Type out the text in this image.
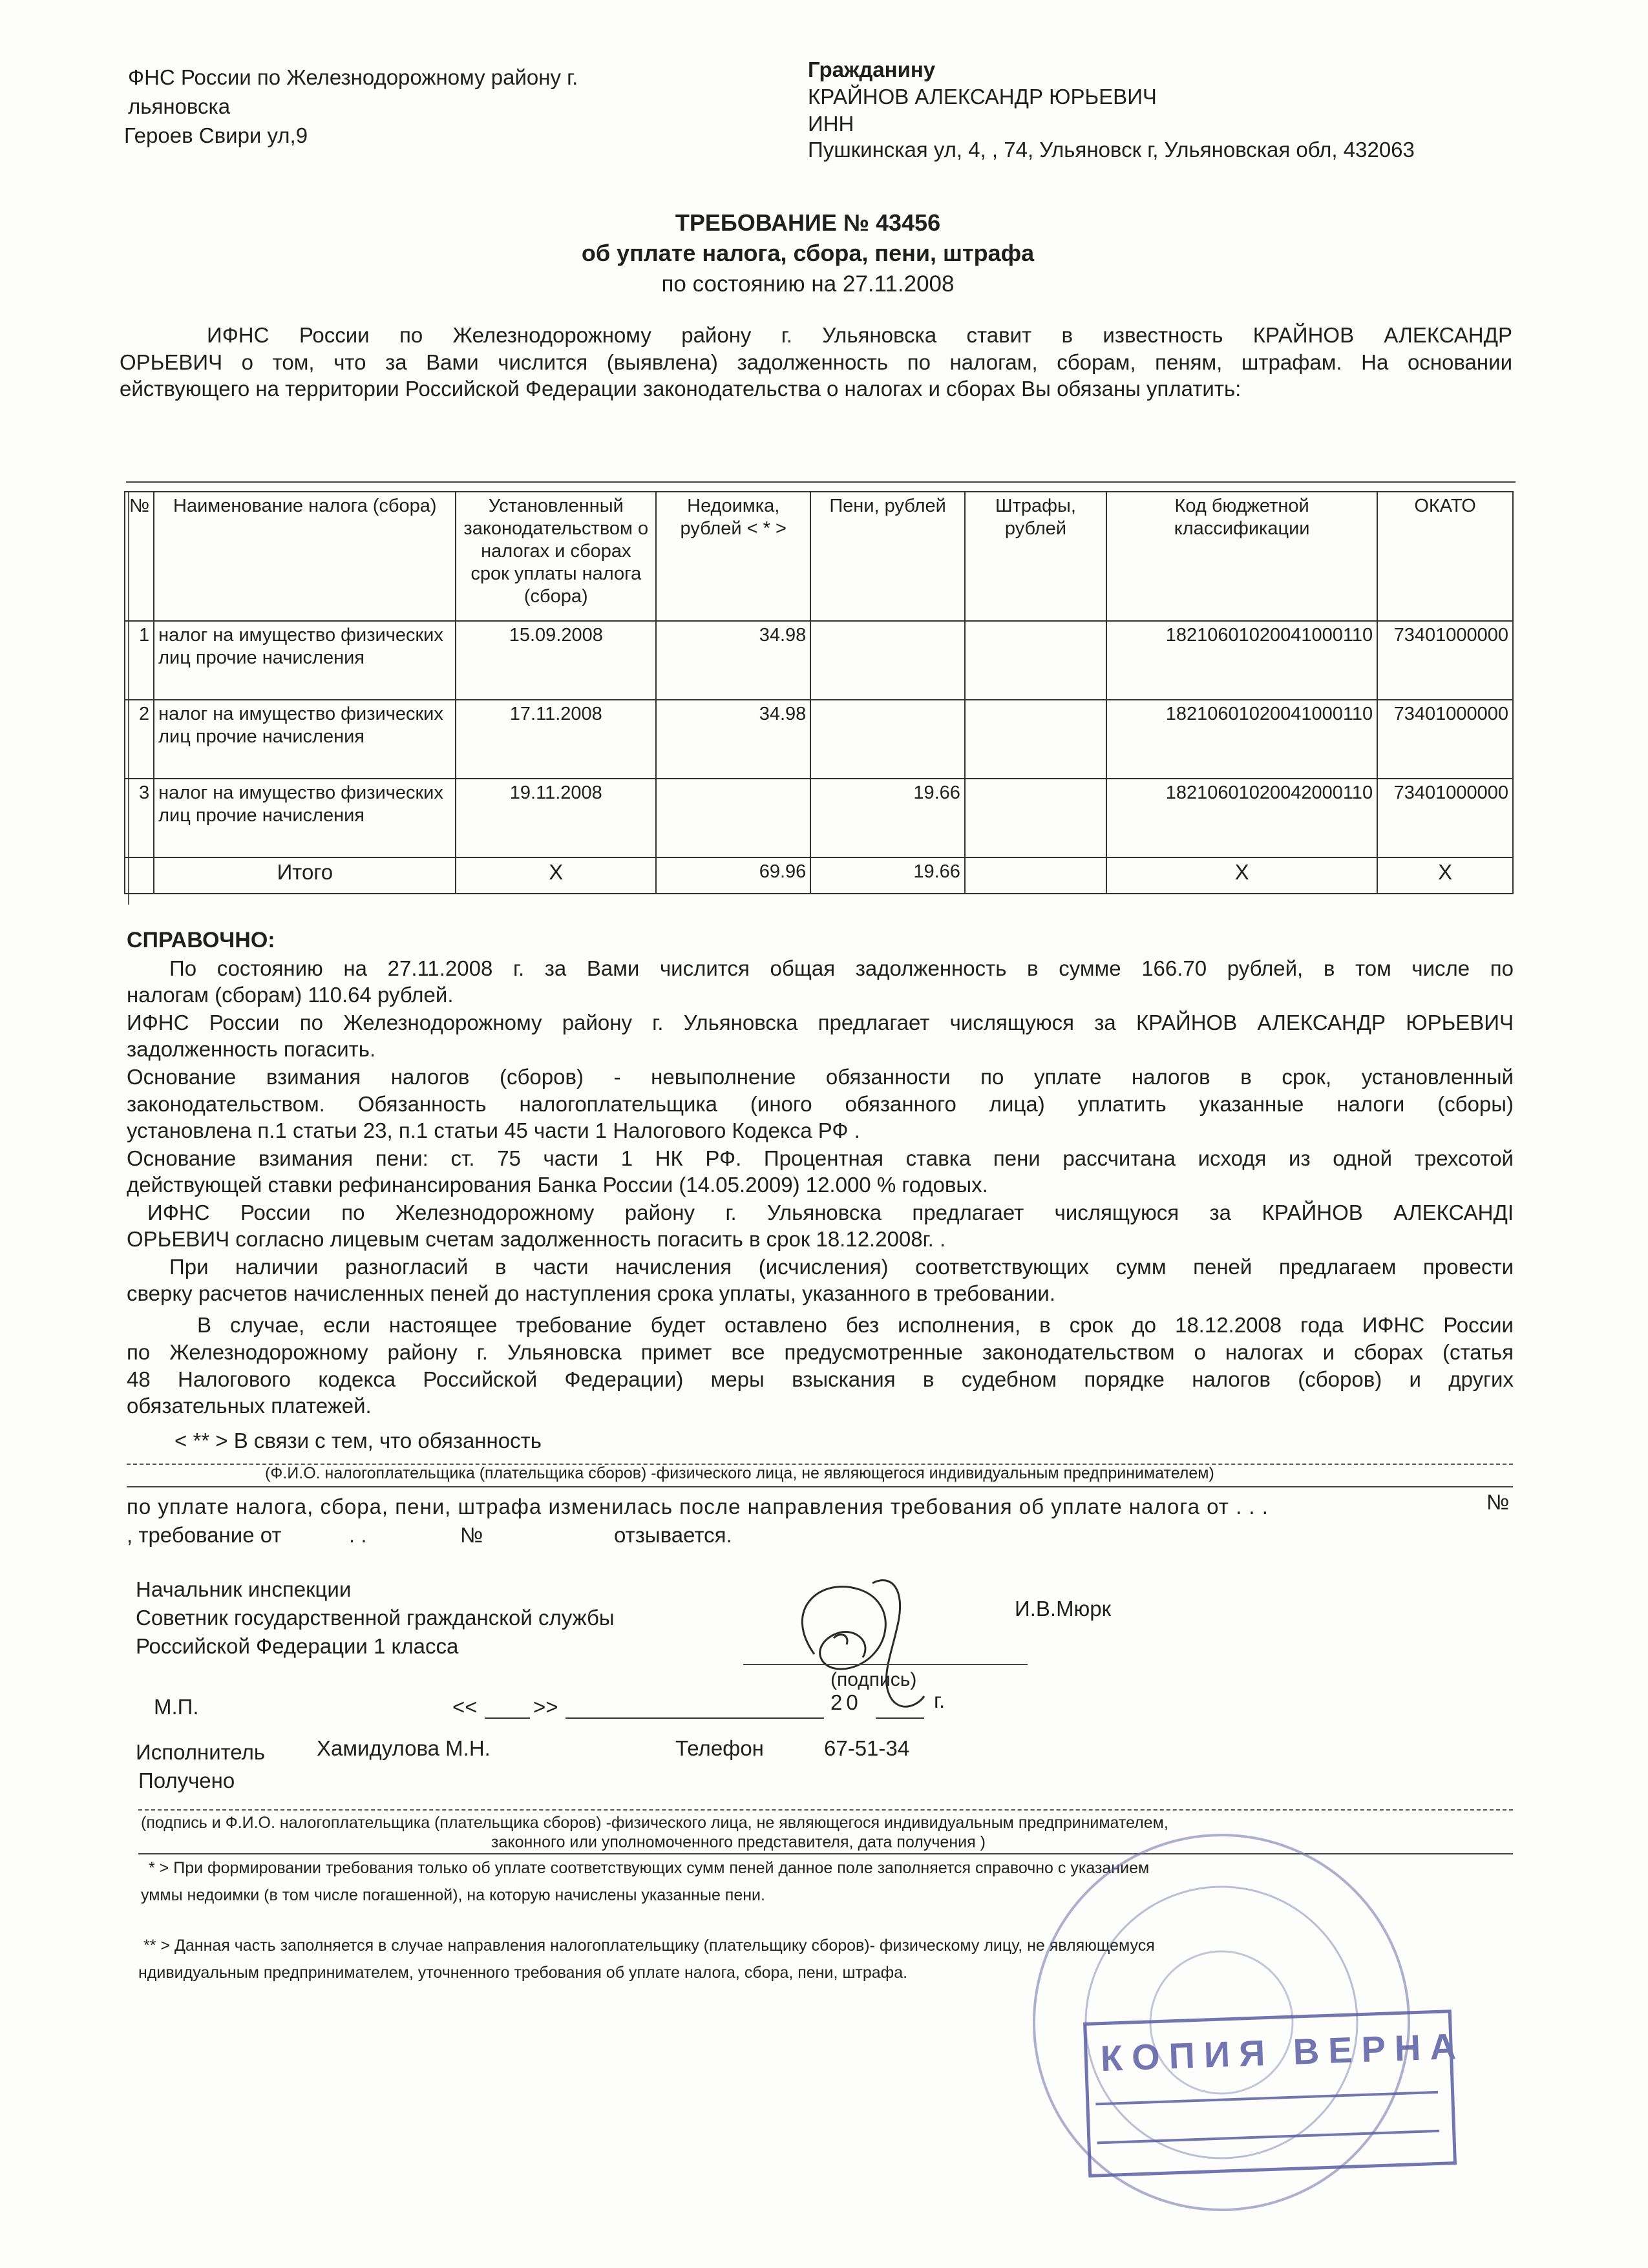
ФНС России по Железнодорожному району г.
льяновска
Героев Свири ул,9
Гражданину
КРАЙНОВ АЛЕКСАНДР ЮРЬЕВИЧ
ИНН
Пушкинская ул, 4, , 74, Ульяновск г, Ульяновская обл, 432063
ТРЕБОВАНИЕ № 43456
об уплате налога, сбора, пени, штрафа
по состоянию на 27.11.2008
ИФНС России по Железнодорожному району г. Ульяновска ставит в известность КРАЙНОВ АЛЕКСАНДР
ОРЬЕВИЧ о том, что за Вами числится (выявлена) задолженность по налогам, сборам, пеням, штрафам. На основании
ействующего на территории Российской Федерации законодательства о налогах и сборах Вы обязаны уплатить:
№	Наименование налога (сбора)	Установленный законодательством о налогах и сборах срок уплаты налога (сбора)	Недоимка, рублей < * >	Пени, рублей	Штрафы, рублей	Код бюджетной классификации	ОКАТО
1	налог на имущество физических лиц прочие начисления	15.09.2008	34.98			18210601020041000110	73401000000
2	налог на имущество физических лиц прочие начисления	17.11.2008	34.98			18210601020041000110	73401000000
3	налог на имущество физических лиц прочие начисления	19.11.2008		19.66		18210601020042000110	73401000000
	Итого	X	69.96	19.66		X	X
СПРАВОЧНО:
По состоянию на 27.11.2008 г. за Вами числится общая задолженность в сумме 166.70 рублей, в том числе по
налогам (сборам) 110.64 рублей.
ИФНС России по Железнодорожному району г. Ульяновска предлагает числящуюся за КРАЙНОВ АЛЕКСАНДР ЮРЬЕВИЧ
задолженность погасить.
Основание взимания налогов (сборов) - невыполнение обязанности по уплате налогов в срок, установленный
законодательством. Обязанность налогоплательщика (иного обязанного лица) уплатить указанные налоги (сборы)
установлена п.1 статьи 23, п.1 статьи 45 части 1 Налогового Кодекса РФ .
Основание взимания пени: ст. 75 части 1 НК РФ. Процентная ставка пени рассчитана исходя из одной трехсотой
действующей ставки рефинансирования Банка России (14.05.2009) 12.000 % годовых.
ИФНС России по Железнодорожному району г. Ульяновска предлагает числящуюся за КРАЙНОВ АЛЕКСАНДІ
ОРЬЕВИЧ согласно лицевым счетам задолженность погасить в срок 18.12.2008г. .
При наличии разногласий в части начисления (исчисления) соответствующих сумм пеней предлагаем провести
сверку расчетов начисленных пеней до наступления срока уплаты, указанного в требовании.
В случае, если настоящее требование будет оставлено без исполнения, в срок до 18.12.2008 года ИФНС России
по Железнодорожному району г. Ульяновска примет все предусмотренные законодательством о налогах и сборах (статья
48 Налогового кодекса Российской Федерации) меры взыскания в судебном порядке налогов (сборов) и других
обязательных платежей.
< ** > В связи с тем, что обязанность
(Ф.И.О. налогоплательщика (плательщика сборов) -физического лица, не являющегося индивидуальным предпринимателем)
по уплате налога, сбора, пени, штрафа изменилась после направления требования об уплате налога от . . .	№
, требование от	. .	№	отзывается.
Начальник инспекции
Советник государственной гражданской службы
Российской Федерации 1 класса
И.В.Мюрк
(подпись)
М.П.	<<	>>	20	г.
Исполнитель Хамидулова М.Н.	Телефон	67-51-34
Получено
(подпись и Ф.И.О. налогоплательщика (плательщика сборов) -физического лица, не являющегося индивидуальным предпринимателем,
законного или уполномоченного представителя, дата получения )
* > При формировании требования только об уплате соответствующих сумм пеней данное поле заполняется справочно с указанием
уммы недоимки (в том числе погашенной), на которую начислены указанные пени.
** > Данная часть заполняется в случае направления налогоплательщику (плательщику сборов)- физическому лицу, не являющемуся
ндивидуальным предпринимателем, уточненного требования об уплате налога, сбора, пени, штрафа.
КОПИЯ ВЕРНА
